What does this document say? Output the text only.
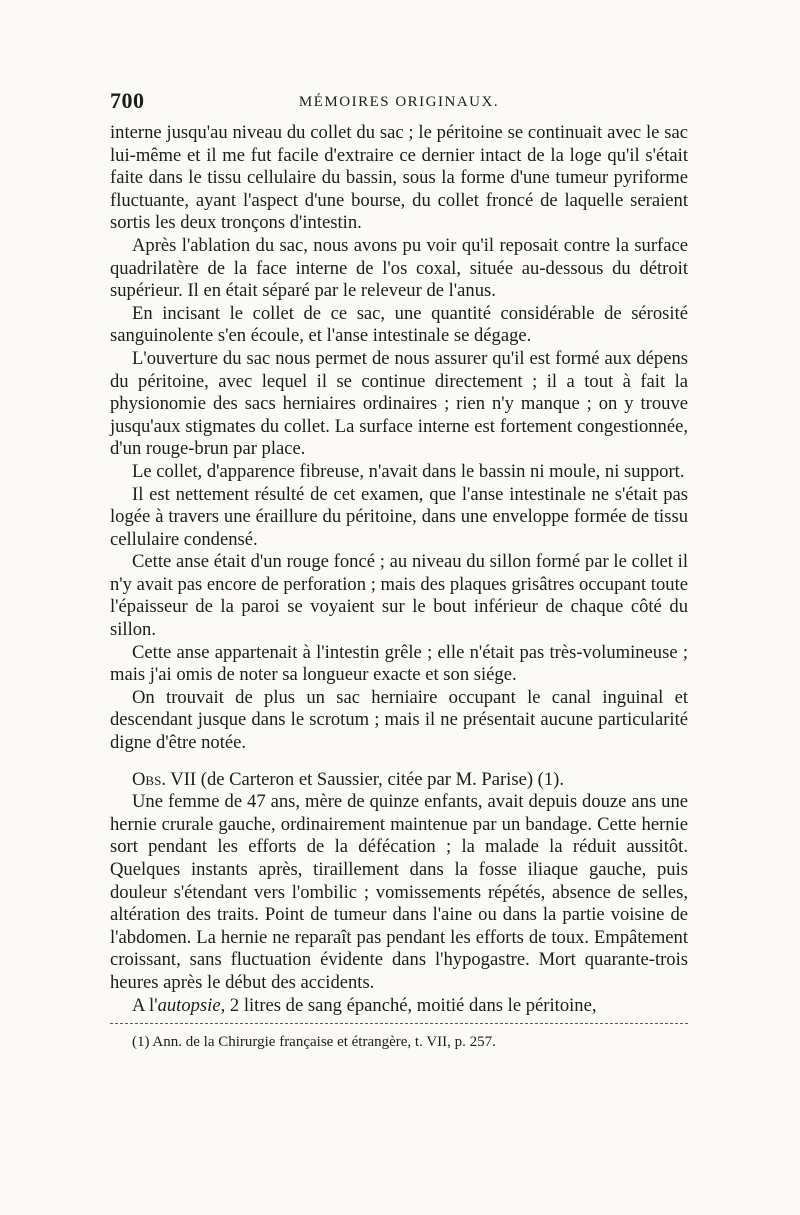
700	MÉMOIRES ORIGINAUX.

interne jusqu'au niveau du collet du sac ; le péritoine se continuait avec le sac lui-même et il me fut facile d'extraire ce dernier intact de la loge qu'il s'était faite dans le tissu cellulaire du bassin, sous la forme d'une tumeur pyriforme fluctuante, ayant l'aspect d'une bourse, du collet froncé de laquelle seraient sortis les deux tronçons d'intestin.

Après l'ablation du sac, nous avons pu voir qu'il reposait contre la surface quadrilatère de la face interne de l'os coxal, située au-dessous du détroit supérieur. Il en était séparé par le releveur de l'anus.

En incisant le collet de ce sac, une quantité considérable de sérosité sanguinolente s'en écoule, et l'anse intestinale se dégage.

L'ouverture du sac nous permet de nous assurer qu'il est formé aux dépens du péritoine, avec lequel il se continue directement ; il a tout à fait la physionomie des sacs herniaires ordinaires ; rien n'y manque ; on y trouve jusqu'aux stigmates du collet. La surface interne est fortement congestionnée, d'un rouge-brun par place.

Le collet, d'apparence fibreuse, n'avait dans le bassin ni moule, ni support.

Il est nettement résulté de cet examen, que l'anse intestinale ne s'était pas logée à travers une éraillure du péritoine, dans une enveloppe formée de tissu cellulaire condensé.

Cette anse était d'un rouge foncé ; au niveau du sillon formé par le collet il n'y avait pas encore de perforation ; mais des plaques grisâtres occupant toute l'épaisseur de la paroi se voyaient sur le bout inférieur de chaque côté du sillon.

Cette anse appartenait à l'intestin grêle ; elle n'était pas très-volumineuse ; mais j'ai omis de noter sa longueur exacte et son siége.

On trouvait de plus un sac herniaire occupant le canal inguinal et descendant jusque dans le scrotum ; mais il ne présentait aucune particularité digne d'être notée.

Obs. VII (de Carteron et Saussier, citée par M. Parise) (1).

Une femme de 47 ans, mère de quinze enfants, avait depuis douze ans une hernie crurale gauche, ordinairement maintenue par un bandage. Cette hernie sort pendant les efforts de la défécation ; la malade la réduit aussitôt. Quelques instants après, tiraillement dans la fosse iliaque gauche, puis douleur s'étendant vers l'ombilic ; vomissements répétés, absence de selles, altération des traits. Point de tumeur dans l'aine ou dans la partie voisine de l'abdomen. La hernie ne reparaît pas pendant les efforts de toux. Empâtement croissant, sans fluctuation évidente dans l'hypogastre. Mort quarante-trois heures après le début des accidents.

A l'autopsie, 2 litres de sang épanché, moitié dans le péritoine,

(1) Ann. de la Chirurgie française et étrangère, t. VII, p. 257.
